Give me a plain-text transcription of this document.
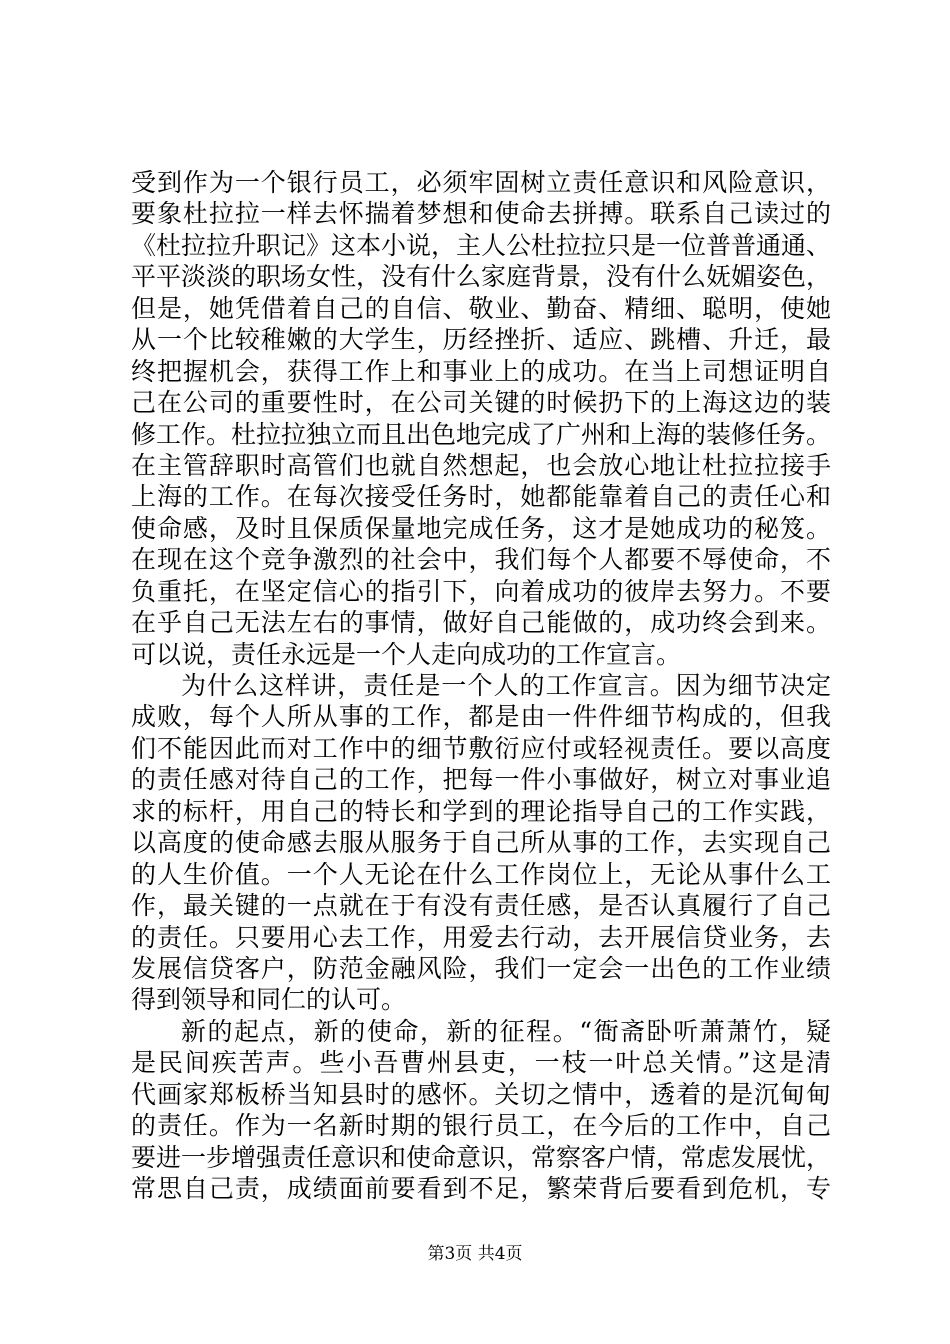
受到作为一个银行员工，必须牢固树立责任意识和风险意识，
要象杜拉拉一样去怀揣着梦想和使命去拼搏。联系自己读过的
《杜拉拉升职记》这本小说，主人公杜拉拉只是一位普普通通、
平平淡淡的职场女性，没有什么家庭背景，没有什么妩媚姿色，
但是，她凭借着自己的自信、敬业、勤奋、精细、聪明，使她
从一个比较稚嫩的大学生，历经挫折、适应、跳槽、升迁，最
终把握机会，获得工作上和事业上的成功。在当上司想证明自
己在公司的重要性时，在公司关键的时候扔下的上海这边的装
修工作。杜拉拉独立而且出色地完成了广州和上海的装修任务。
在主管辞职时高管们也就自然想起，也会放心地让杜拉拉接手
上海的工作。在每次接受任务时，她都能靠着自己的责任心和
使命感，及时且保质保量地完成任务，这才是她成功的秘笈。
在现在这个竞争激烈的社会中，我们每个人都要不辱使命，不
负重托，在坚定信心的指引下，向着成功的彼岸去努力。不要
在乎自己无法左右的事情，做好自己能做的，成功终会到来。
可以说，责任永远是一个人走向成功的工作宣言。
为什么这样讲，责任是一个人的工作宣言。因为细节决定
成败，每个人所从事的工作，都是由一件件细节构成的，但我
们不能因此而对工作中的细节敷衍应付或轻视责任。要以高度
的责任感对待自己的工作，把每一件小事做好，树立对事业追
求的标杆，用自己的特长和学到的理论指导自己的工作实践，
以高度的使命感去服从服务于自己所从事的工作，去实现自己
的人生价值。一个人无论在什么工作岗位上，无论从事什么工
作，最关键的一点就在于有没有责任感，是否认真履行了自己
的责任。只要用心去工作，用爱去行动，去开展信贷业务，去
发展信贷客户，防范金融风险，我们一定会一出色的工作业绩
得到领导和同仁的认可。
新的起点，新的使命，新的征程。“衙斋卧听萧萧竹，疑
是民间疾苦声。些小吾曹州县吏，一枝一叶总关情。”这是清
代画家郑板桥当知县时的感怀。关切之情中，透着的是沉甸甸
的责任。作为一名新时期的银行员工，在今后的工作中，自己
要进一步增强责任意识和使命意识，常察客户情，常虑发展忧，
常思自己责，成绩面前要看到不足，繁荣背后要看到危机，专
第3页 共4页
